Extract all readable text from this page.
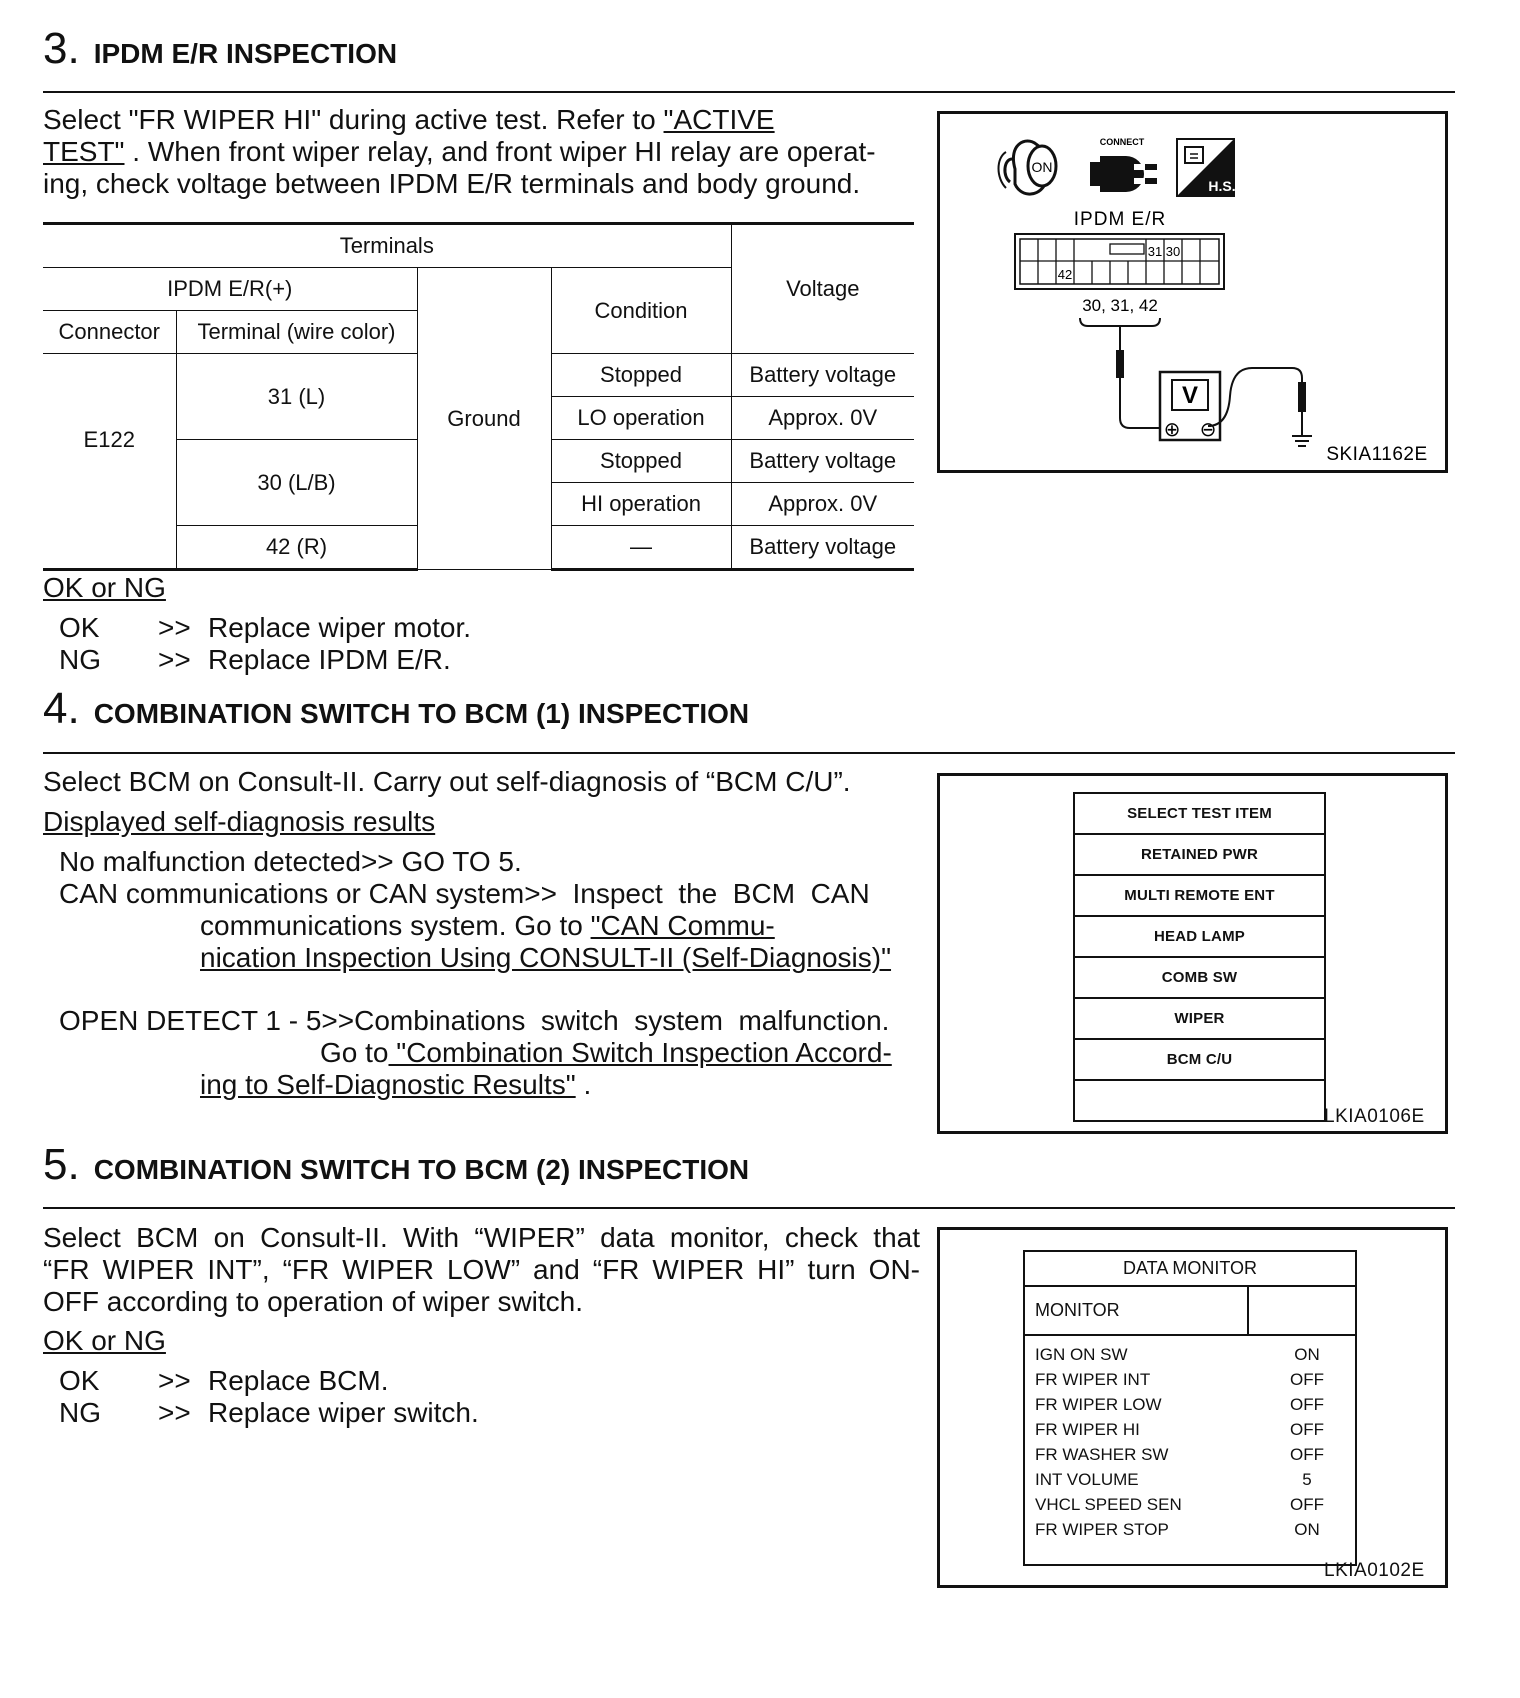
3. IPDM E/R INSPECTION
Select "FR WIPER HI" during active test. Refer to "ACTIVE
TEST" . When front wiper relay, and front wiper HI relay are operat-
ing, check voltage between IPDM E/R terminals and body ground.
Terminals				Voltage
IPDM E/R(+)		Ground	Condition	
Connector	Terminal (wire color)			
E122	31 (L)		Stopped	Battery voltage
			LO operation	Approx. 0V
	30 (L/B)		Stopped	Battery voltage
			HI operation	Approx. 0V
	42 (R)		—	Battery voltage
OK or NG
OK >> Replace wiper motor.
NG >> Replace IPDM E/R.
ON
CONNECT
H.S.
IPDM E/R
31 30
42
30, 31, 42
V
⊕ ⊖
SKIA1162E
4. COMBINATION SWITCH TO BCM (1) INSPECTION
Select BCM on Consult-II. Carry out self-diagnosis of “BCM C/U”.
Displayed self-diagnosis results
No malfunction detected>> GO TO 5.
CAN communications or CAN system>>  Inspect  the  BCM  CAN
communications system. Go to "CAN Commu-
nication Inspection Using CONSULT-II (Self-Diagnosis)"
OPEN DETECT 1 - 5>>Combinations  switch  system  malfunction.
Go to "Combination Switch Inspection Accord-
ing to Self-Diagnostic Results" .
SELECT TEST ITEM
RETAINED PWR
MULTI REMOTE ENT
HEAD LAMP
COMB SW
WIPER
BCM C/U
LKIA0106E
5. COMBINATION SWITCH TO BCM (2) INSPECTION
Select BCM on Consult-II. With “WIPER” data monitor, check that
“FR WIPER INT”, “FR WIPER LOW” and “FR WIPER HI” turn ON-
OFF according to operation of wiper switch.
OK or NG
OK >> Replace BCM.
NG >> Replace wiper switch.
DATA MONITOR
MONITOR
IGN ON SW	ON
FR WIPER INT	OFF
FR WIPER LOW	OFF
FR WIPER HI	OFF
FR WASHER SW	OFF
INT VOLUME	5
VHCL SPEED SEN	OFF
FR WIPER STOP	ON
LKIA0102E
